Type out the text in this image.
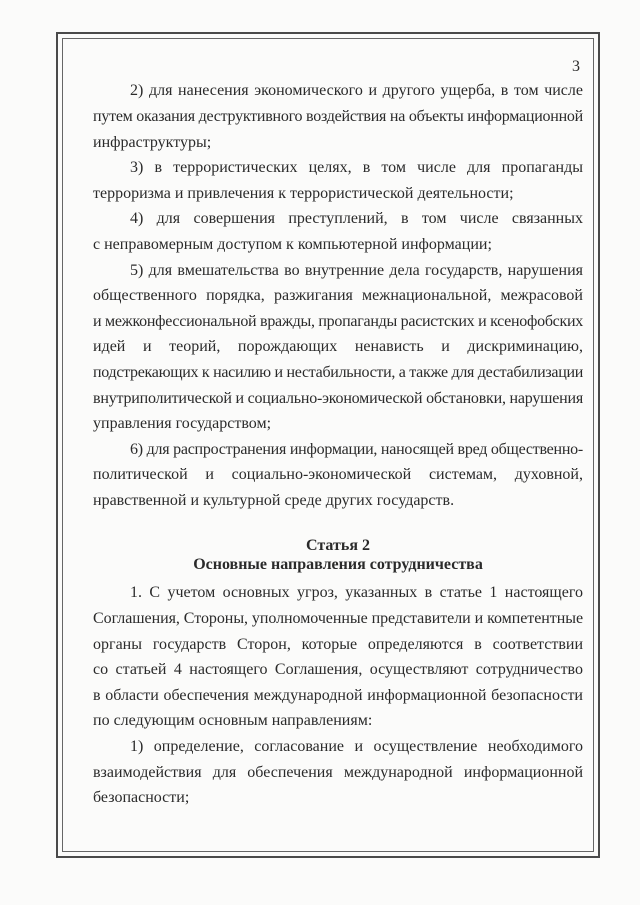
3
2) для нанесения экономического и другого ущерба, в том числе
путем оказания деструктивного воздействия на объекты информационной
инфраструктуры;
3) в террористических целях, в том числе для пропаганды
терроризма и привлечения к террористической деятельности;
4) для совершения преступлений, в том числе связанных
с неправомерным доступом к компьютерной информации;
5) для вмешательства во внутренние дела государств, нарушения
общественного порядка, разжигания межнациональной, межрасовой
и межконфессиональной вражды, пропаганды расистских и ксенофобских
идей и теорий, порождающих ненависть и дискриминацию,
подстрекающих к насилию и нестабильности, а также для дестабилизации
внутриполитической и социально-экономической обстановки, нарушения
управления государством;
6) для распространения информации, наносящей вред общественно-
политической и социально-экономической системам, духовной,
нравственной и культурной среде других государств.
Статья 2
Основные направления сотрудничества
1. С учетом основных угроз, указанных в статье 1 настоящего
Соглашения, Стороны, уполномоченные представители и компетентные
органы государств Сторон, которые определяются в соответствии
со статьей 4 настоящего Соглашения, осуществляют сотрудничество
в области обеспечения международной информационной безопасности
по следующим основным направлениям:
1) определение, согласование и осуществление необходимого
взаимодействия для обеспечения международной информационной
безопасности;
